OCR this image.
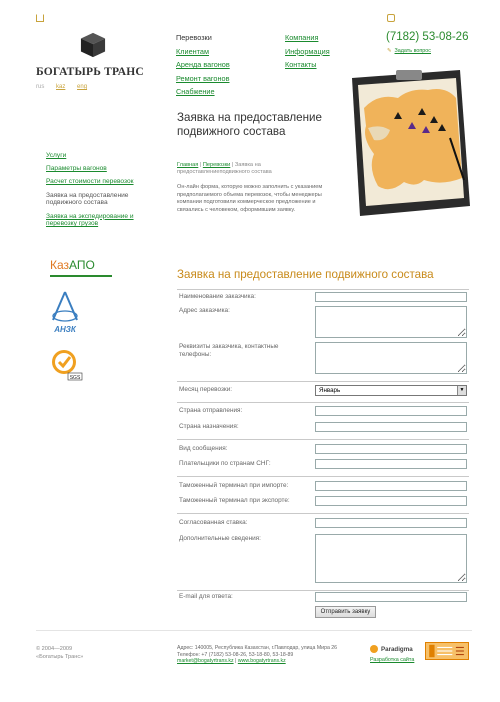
БОГАТЫРЬ ТРАНС
rus kaz eng
Перевозки
Клиентам
Аренда вагонов
Ремонт вагонов
Снабжение
Компания
Информация
Контакты
(7182) 53-08-26
✎ Задать вопрос
Заявка на предоставление подвижного состава
Главная | Перевозки | Заявка на предоставлениеподвижного состава
Он-лайн форма, которую можно заполнить с указанием предполагаемого объема перевозок, чтобы менеджеры компании подготовили коммерческое предложение и связались с человеком, оформившим заявку.
Услуги
Параметры вагонов
Расчет стоимости перевозок
Заявка на предоставление подвижного состава
Заявка на экспедирование и перевозку грузов
КазАПО
АНЗК
SGS
Заявка на предоставление подвижного состава
Наименование заказчика:
Адрес заказчика:
Реквизиты заказчика, контактные телефоны:
Месяц перевозки:	Январь	▼
Страна отправления:
Страна назначения:
Вид сообщения:
Плательщики по странам СНГ:
Таможенный терминал при импорте:
Таможенный терминал при экспорте:
Согласованная ставка:
Дополнительные сведения:
E-mail для ответа:
Отправить заявку
© 2004—2009
«Богатырь Транс»
Адрес: 140005, Республика Казахстан, г.Павлодар, улица Мира 26
Телефон: +7 (7182) 53-08-26, 53-18-80, 53-18-89
market@bogatyrtrans.kz | www.bogatyrtrans.kz
Paradigma
Разработка сайта
